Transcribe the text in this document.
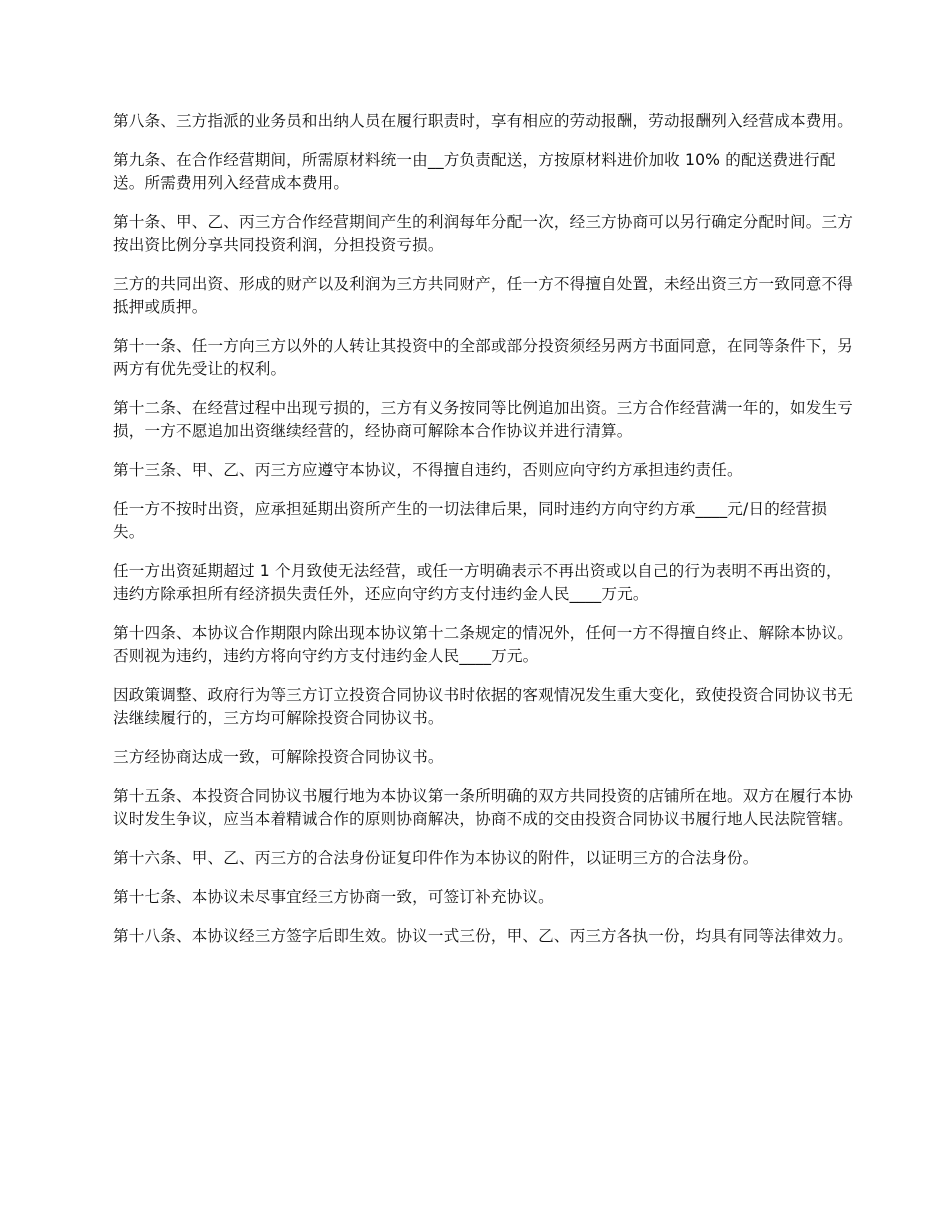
第八条、三方指派的业务员和出纳人员在履行职责时，享有相应的劳动报酬，劳动报酬列入经营成本费用。

第九条、在合作经营期间，所需原材料统一由__方负责配送，方按原材料进价加收 10% 的配送费进行配送。所需费用列入经营成本费用。

第十条、甲、乙、丙三方合作经营期间产生的利润每年分配一次，经三方协商可以另行确定分配时间。三方按出资比例分享共同投资利润，分担投资亏损。

三方的共同出资、形成的财产以及利润为三方共同财产，任一方不得擅自处置，未经出资三方一致同意不得抵押或质押。

第十一条、任一方向三方以外的人转让其投资中的全部或部分投资须经另两方书面同意，在同等条件下，另两方有优先受让的权利。

第十二条、在经营过程中出现亏损的，三方有义务按同等比例追加出资。三方合作经营满一年的，如发生亏损，一方不愿追加出资继续经营的，经协商可解除本合作协议并进行清算。

第十三条、甲、乙、丙三方应遵守本协议，不得擅自违约，否则应向守约方承担违约责任。

任一方不按时出资，应承担延期出资所产生的一切法律后果，同时违约方向守约方承____元/日的经营损失。

任一方出资延期超过 1 个月致使无法经营，或任一方明确表示不再出资或以自己的行为表明不再出资的，违约方除承担所有经济损失责任外，还应向守约方支付违约金人民____万元。

第十四条、本协议合作期限内除出现本协议第十二条规定的情况外，任何一方不得擅自终止、解除本协议。否则视为违约，违约方将向守约方支付违约金人民____万元。

因政策调整、政府行为等三方订立投资合同协议书时依据的客观情况发生重大变化，致使投资合同协议书无法继续履行的，三方均可解除投资合同协议书。

三方经协商达成一致，可解除投资合同协议书。

第十五条、本投资合同协议书履行地为本协议第一条所明确的双方共同投资的店铺所在地。双方在履行本协议时发生争议，应当本着精诚合作的原则协商解决，协商不成的交由投资合同协议书履行地人民法院管辖。

第十六条、甲、乙、丙三方的合法身份证复印件作为本协议的附件，以证明三方的合法身份。

第十七条、本协议未尽事宜经三方协商一致，可签订补充协议。

第十八条、本协议经三方签字后即生效。协议一式三份，甲、乙、丙三方各执一份，均具有同等法律效力。
